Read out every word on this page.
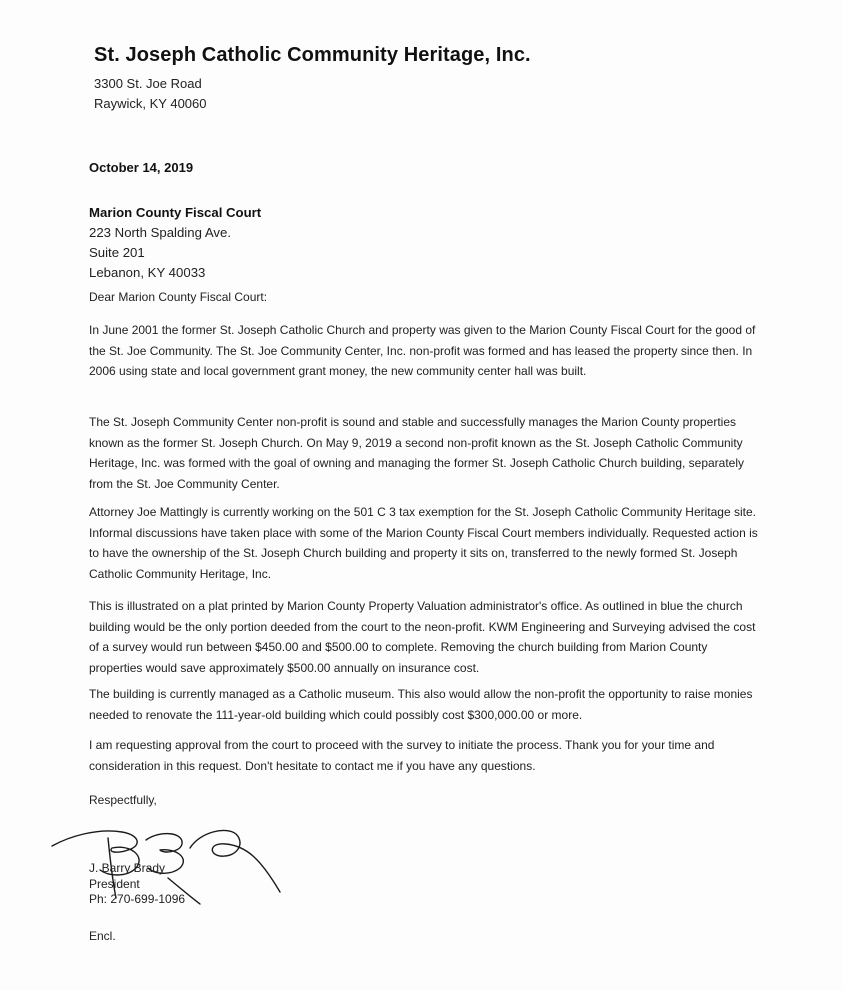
St. Joseph Catholic Community Heritage, Inc.
3300 St. Joe Road
Raywick, KY 40060
October 14, 2019
Marion County Fiscal Court
223 North Spalding Ave.
Suite 201
Lebanon, KY 40033
Dear Marion County Fiscal Court:

In June 2001 the former St. Joseph Catholic Church and property was given to the Marion County Fiscal Court for the good of the St. Joe Community. The St. Joe Community Center, Inc. non-profit was formed and has leased the property since then. In 2006 using state and local government grant money, the new community center hall was built.

The St. Joseph Community Center non-profit is sound and stable and successfully manages the Marion County properties known as the former St. Joseph Church. On May 9, 2019 a second non-profit known as the St. Joseph Catholic Community Heritage, Inc. was formed with the goal of owning and managing the former St. Joseph Catholic Church building, separately from the St. Joe Community Center.

Attorney Joe Mattingly is currently working on the 501 C 3 tax exemption for the St. Joseph Catholic Community Heritage site. Informal discussions have taken place with some of the Marion County Fiscal Court members individually. Requested action is to have the ownership of the St. Joseph Church building and property it sits on, transferred to the newly formed St. Joseph Catholic Community Heritage, Inc.

This is illustrated on a plat printed by Marion County Property Valuation administrator's office. As outlined in blue the church building would be the only portion deeded from the court to the neon-profit. KWM Engineering and Surveying advised the cost of a survey would run between $450.00 and $500.00 to complete. Removing the church building from Marion County properties would save approximately $500.00 annually on insurance cost.

The building is currently managed as a Catholic museum. This also would allow the non-profit the opportunity to raise monies needed to renovate the 111-year-old building which could possibly cost $300,000.00 or more.

I am requesting approval from the court to proceed with the survey to initiate the process. Thank you for your time and consideration in this request. Don't hesitate to contact me if you have any questions.

Respectfully,
J. Barry Brady
President
Ph: 270-699-1096
Encl.
